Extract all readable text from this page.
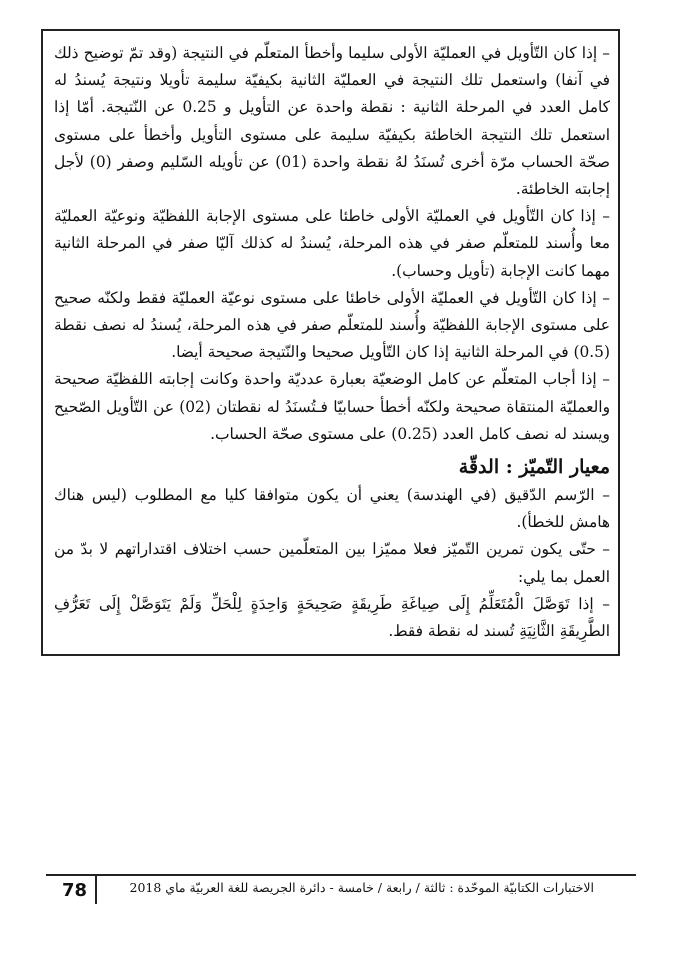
– إذا كان التّأويل في العمليّة الأولى سليما وأخطأ المتعلّم في النتيجة (وقد تمّ توضيح ذلك في آنفا) واستعمل تلك النتيجة في العمليّة الثانية بكيفيّة سليمة تأويلا ونتيجة يُسندُ له كامل العدد في المرحلة الثانية : نقطة واحدة عن التأويل و 0.25 عن النّتيجة. أمّا إذا استعمل تلك النتيجة الخاطئة بكيفيّة سليمة على مستوى التأويل وأخطأ على مستوى صحّة الحساب مرّة أخرى تُسنَدُ لهُ نقطة واحدة (01) عن تأويله السّليم وصفر (0) لأجل إجابته الخاطئة.

– إذا كان التّأويل في العمليّة الأولى خاطئا على مستوى الإجابة اللفظيّة ونوعيّة العمليّة معا وأُسند للمتعلّم صفر في هذه المرحلة، يُسندُ له كذلك آليّا صفر في المرحلة الثانية مهما كانت الإجابة (تأويل وحساب).

– إذا كان التّأويل في العمليّة الأولى خاطئا على مستوى نوعيّة العمليّة فقط ولكنّه صحيح على مستوى الإجابة اللفظيّة وأُسند للمتعلّم صفر في هذه المرحلة، يُسندُ له نصف نقطة (0.5) في المرحلة الثانية إذا كان التّأويل صحيحا والنّتيجة صحيحة أيضا.

– إذا أجاب المتعلّم عن كامل الوضعيّة بعبارة عدديّة واحدة وكانت إجابته اللفظيّة صحيحة والعمليّة المنتقاة صحيحة ولكنّه أخطأ حسابيّا فـتُسنَدُ له نقطتان (02) عن التّأويل الصّحيح ويسند له نصف كامل العدد (0.25) على مستوى صحّة الحساب.

معيار التّميّز : الدقّة

– الرّسم الدّقيق (في الهندسة) يعني أن يكون متوافقا كليا مع المطلوب (ليس هناك هامش للخطأ).

– حتّى يكون تمرين التّميّز فعلا مميّزا بين المتعلّمين حسب اختلاف اقتداراتهم لا بدّ من العمل بما يلي:

– إذا تَوَصَّلَ الْمُتَعَلِّمُ إِلَى صِياغَةِ طَرِيقَةٍ صَحِيحَةٍ وَاحِدَةٍ لِلْحَلِّ وَلَمْ يَتَوَصَّلْ إِلَى تَعَرُّفِ الطَّرِيقَةِ الثَّانِيَةِ تُسند له نقطة فقط.

78	الاختبارات الكتابيّة الموحّدة : ثالثة / رابعة / خامسة - دائرة الجريصة للغة العربيّة ماي 2018
